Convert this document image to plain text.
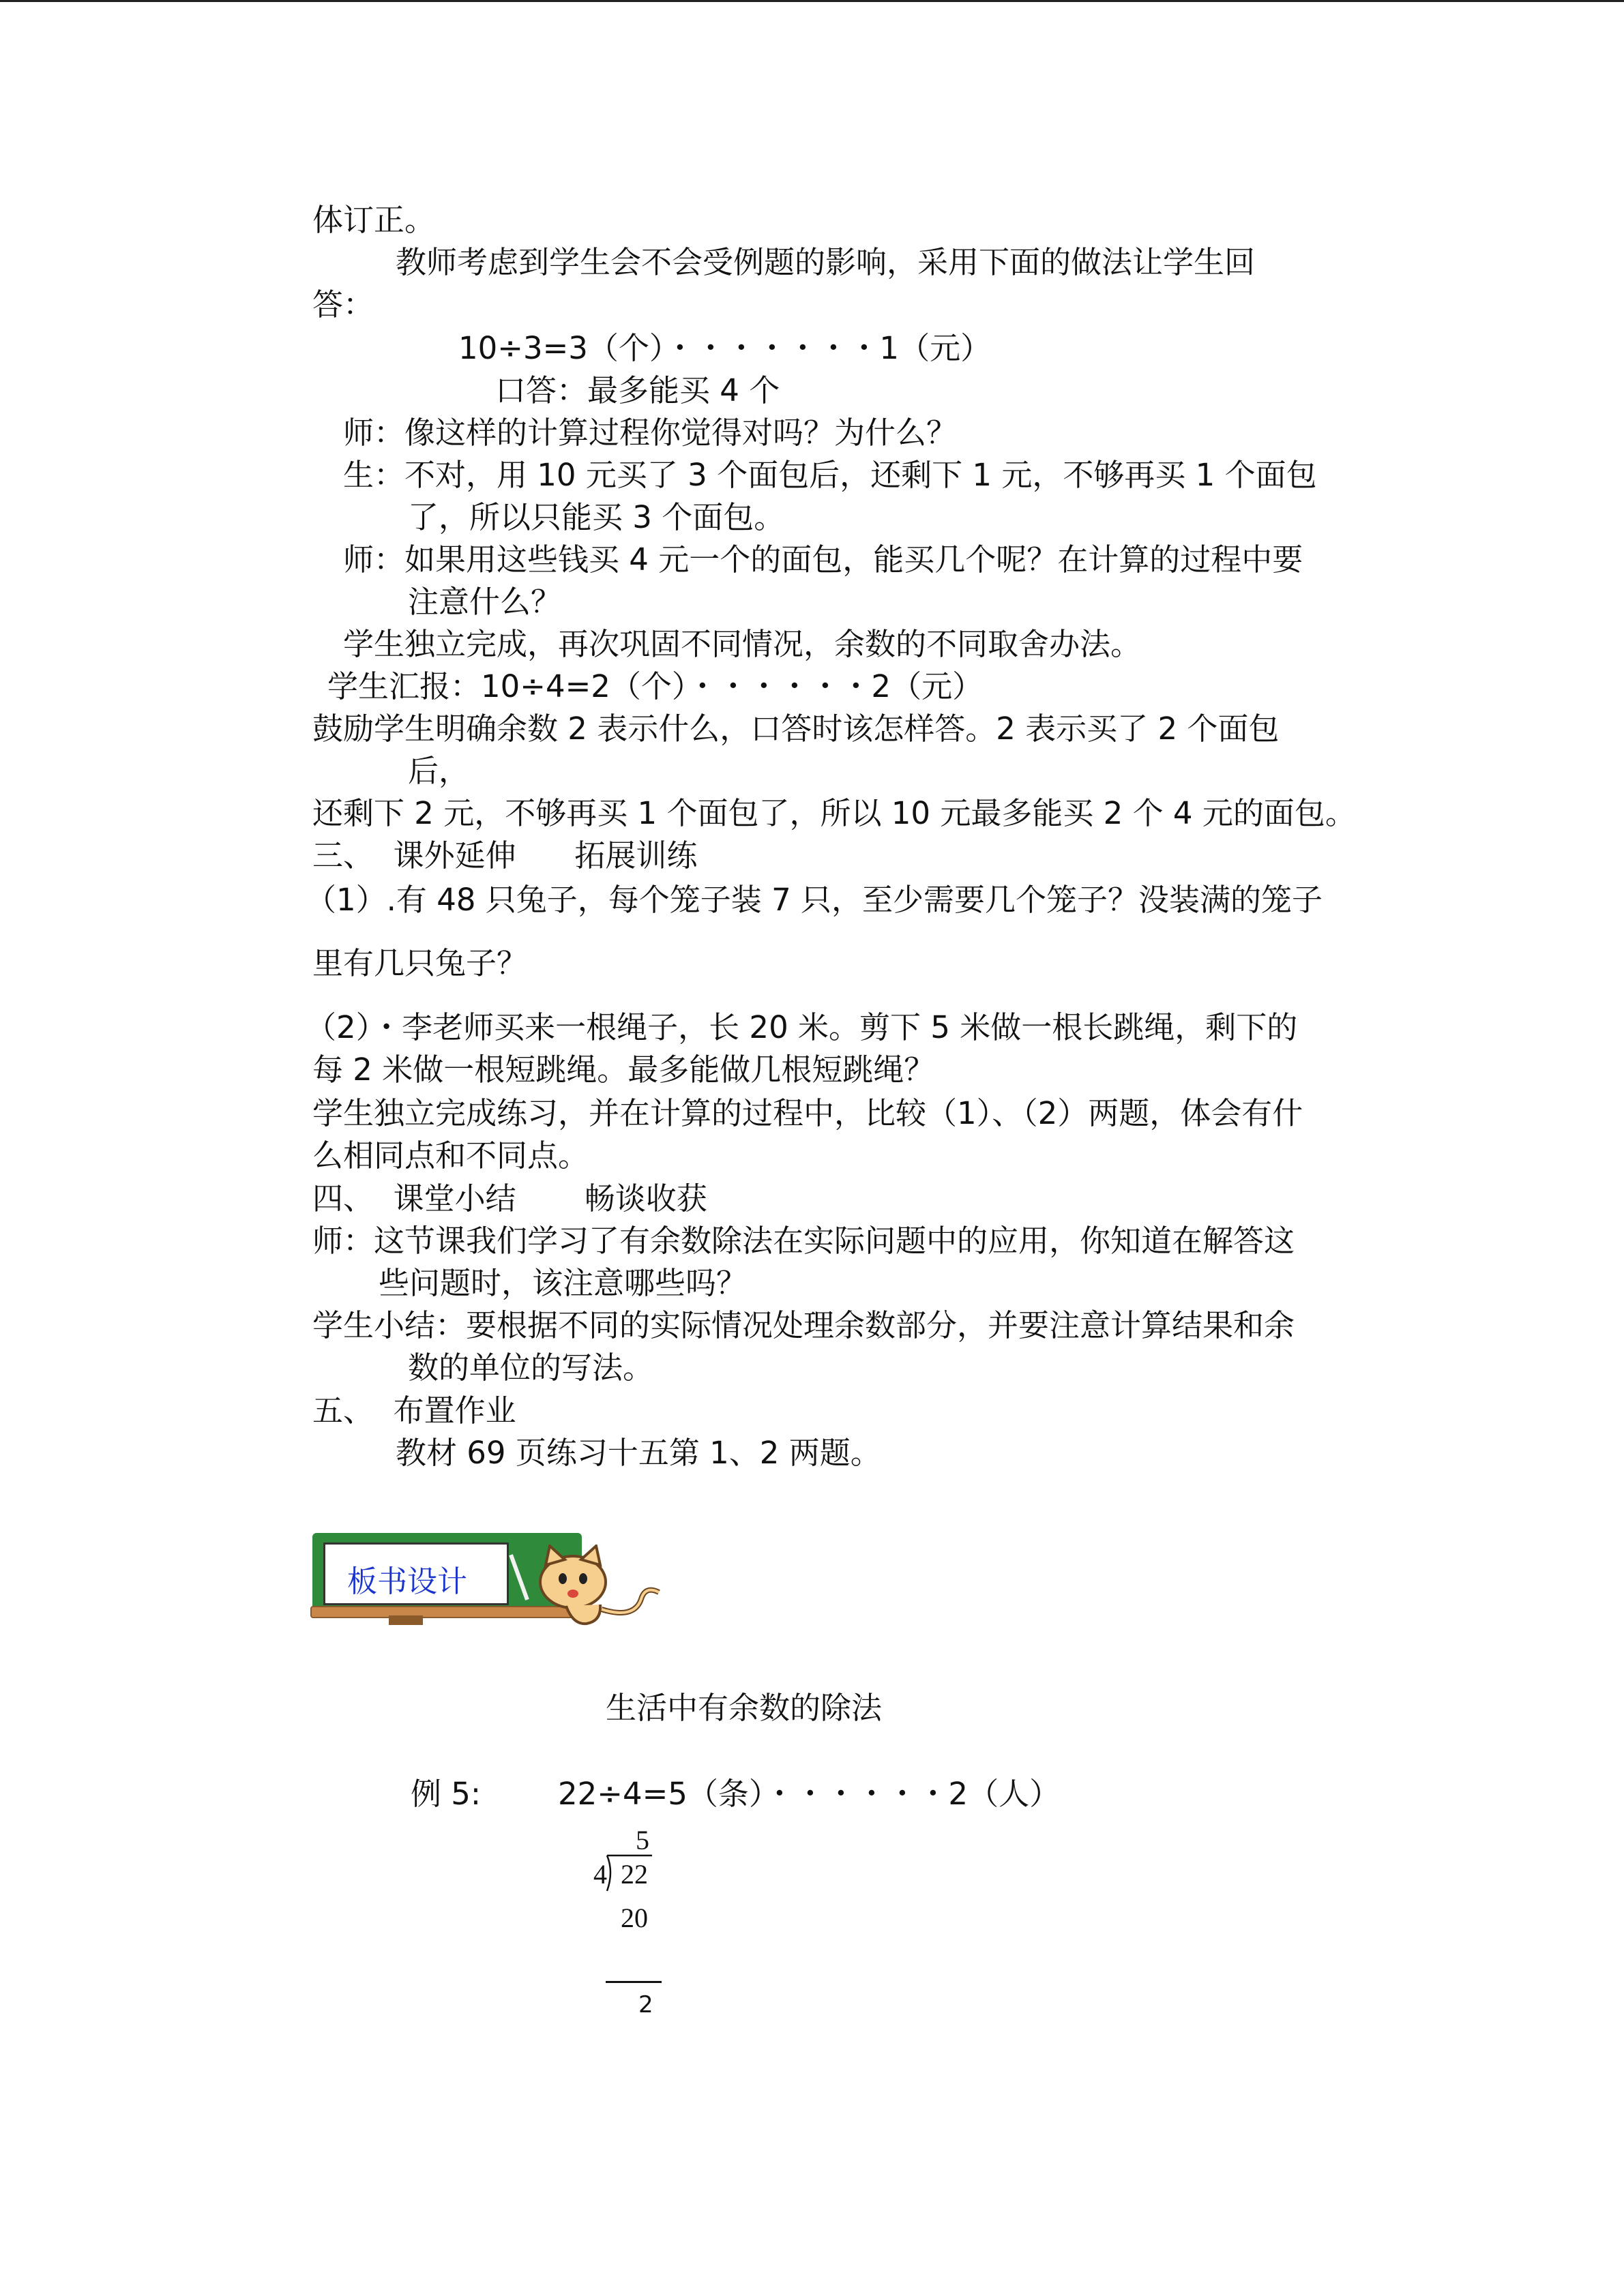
体订正。
教师考虑到学生会不会受例题的影响，采用下面的做法让学生回
答：
10÷3=3（个）・・・・・・・1（元）
口答：最多能买 4 个
师：像这样的计算过程你觉得对吗？为什么？
生：不对，用 10 元买了 3 个面包后，还剩下 1 元，不够再买 1 个面包
了，所以只能买 3 个面包。
师：如果用这些钱买 4 元一个的面包，能买几个呢？在计算的过程中要
注意什么？
学生独立完成，再次巩固不同情况，余数的不同取舍办法。
学生汇报：10÷4=2（个）・・・・・・2（元）
鼓励学生明确余数 2 表示什么，口答时该怎样答。2 表示买了 2 个面包
后，
还剩下 2 元，不够再买 1 个面包了，所以 10 元最多能买 2 个 4 元的面包。
三、  课外延伸      拓展训练
（1）.有 48 只兔子，每个笼子装 7 只，至少需要几个笼子？没装满的笼子
里有几只兔子？
（2）・李老师买来一根绳子，长 20 米。剪下 5 米做一根长跳绳，剩下的
每 2 米做一根短跳绳。最多能做几根短跳绳？
学生独立完成练习，并在计算的过程中，比较（1）、（2）两题，体会有什
么相同点和不同点。
四、  课堂小结       畅谈收获
师：这节课我们学习了有余数除法在实际问题中的应用，你知道在解答这
些问题时，该注意哪些吗？
学生小结：要根据不同的实际情况处理余数部分，并要注意计算结果和余
数的单位的写法。
五、  布置作业
教材 69 页练习十五第 1、2 两题。
板书设计
生活中有余数的除法
例 5:	22÷4=5（条）・・・・・・2（人）
5
4 22
20
2
